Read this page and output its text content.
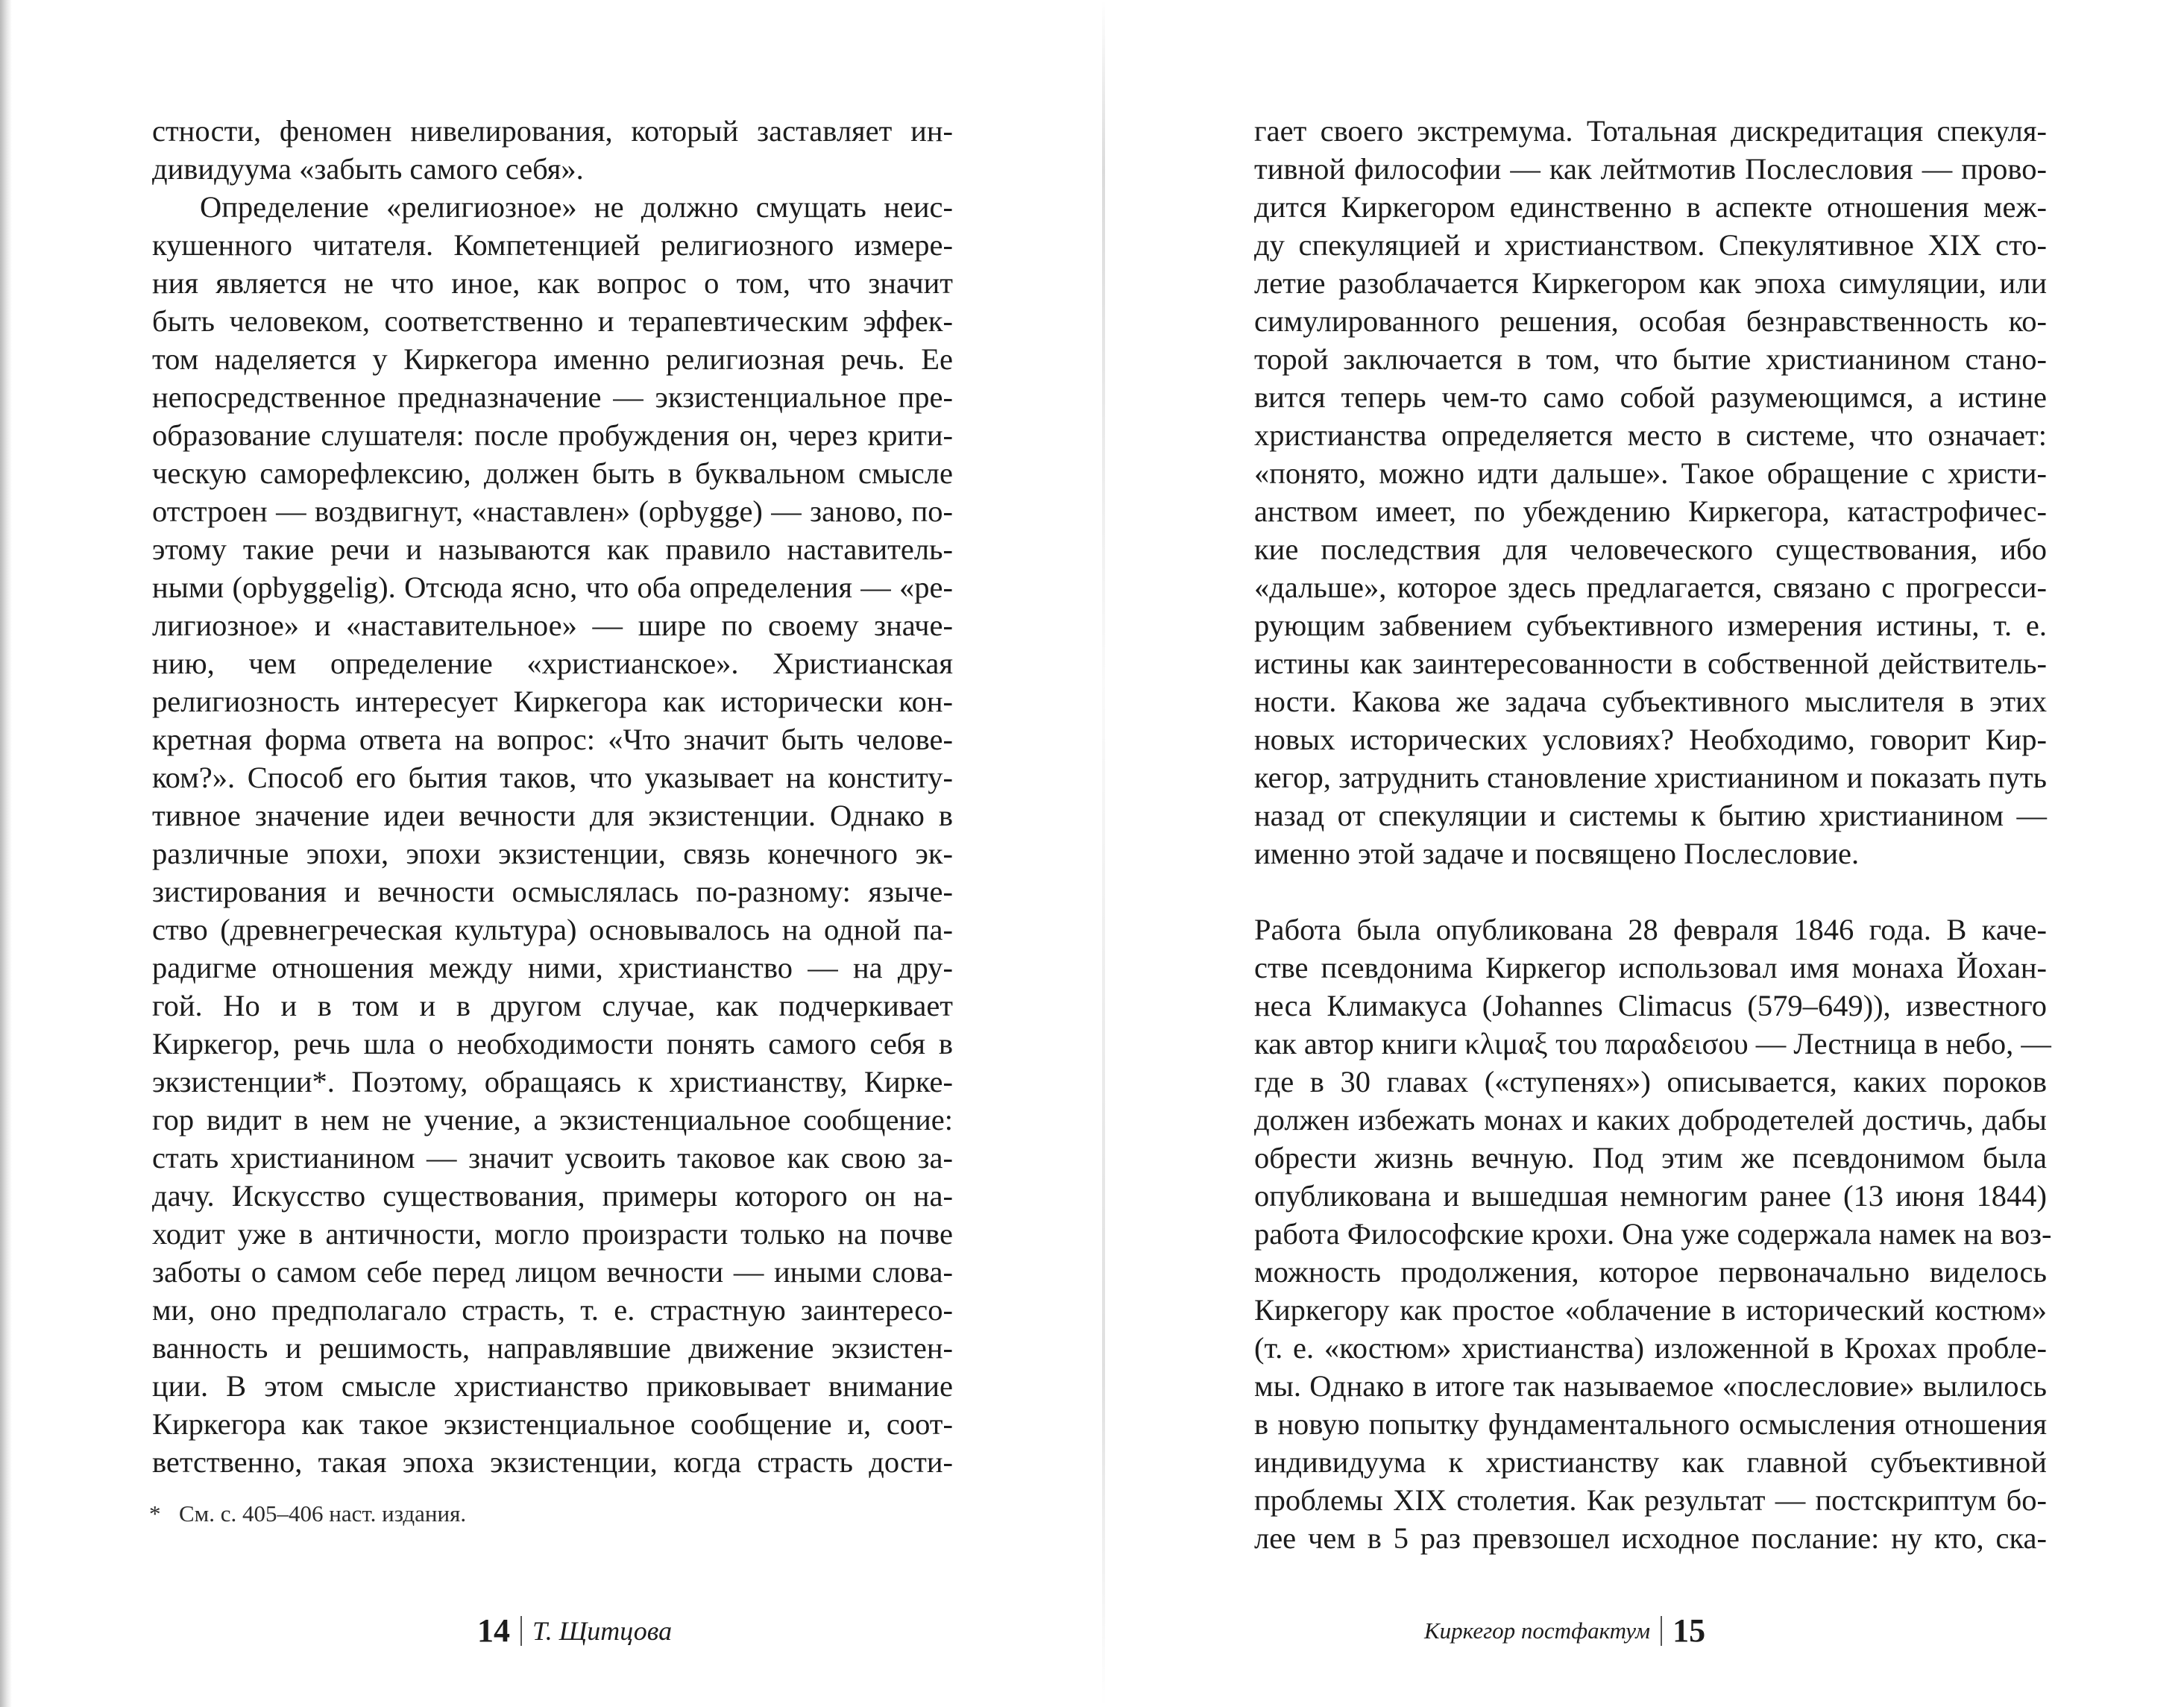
стности, феномен нивелирования, который заставляет ин-
дивидуума «забыть самого себя».
Определение «религиозное» не должно смущать неис-
кушенного читателя. Компетенцией религиозного измере-
ния является не что иное, как вопрос о том, что значит
быть человеком, соответственно и терапевтическим эффек-
том наделяется у Киркегора именно религиозная речь. Ее
непосредственное предназначение — экзистенциальное пре-
образование слушателя: после пробуждения он, через крити-
ческую саморефлексию, должен быть в буквальном смысле
отстроен — воздвигнут, «наставлен» (opbygge) — заново, по-
этому такие речи и называются как правило наставитель-
ными (opbyggelig). Отсюда ясно, что оба определения — «ре-
лигиозное» и «наставительное» — шире по своему значе-
нию, чем определение «христианское». Христианская
религиозность интересует Киркегора как исторически кон-
кретная форма ответа на вопрос: «Что значит быть челове-
ком?». Способ его бытия таков, что указывает на конститу-
тивное значение идеи вечности для экзистенции. Однако в
различные эпохи, эпохи экзистенции, связь конечного эк-
зистирования и вечности осмыслялась по-разному: языче-
ство (древнегреческая культура) основывалось на одной па-
радигме отношения между ними, христианство — на дру-
гой. Но и в том и в другом случае, как подчеркивает
Киркегор, речь шла о необходимости понять самого себя в
экзистенции*. Поэтому, обращаясь к христианству, Кирке-
гор видит в нем не учение, а экзистенциальное сообщение:
стать христианином — значит усвоить таковое как свою за-
дачу. Искусство существования, примеры которого он на-
ходит уже в античности, могло произрасти только на почве
заботы о самом себе перед лицом вечности — иными слова-
ми, оно предполагало страсть, т. е. страстную заинтересо-
ванность и решимость, направлявшие движение экзистен-
ции. В этом смысле христианство приковывает внимание
Киркегора как такое экзистенциальное сообщение и, соот-
ветственно, такая эпоха экзистенции, когда страсть дости-
* См. с. 405–406 наст. издания.
14 Т. Щитцова
гает своего экстремума. Тотальная дискредитация спекуля-
тивной философии — как лейтмотив Послесловия — прово-
дится Киркегором единственно в аспекте отношения меж-
ду спекуляцией и христианством. Спекулятивное XIX сто-
летие разоблачается Киркегором как эпоха симуляции, или
симулированного решения, особая безнравственность ко-
торой заключается в том, что бытие христианином стано-
вится теперь чем-то само собой разумеющимся, а истине
христианства определяется место в системе, что означает:
«понято, можно идти дальше». Такое обращение с христи-
анством имеет, по убеждению Киркегора, катастрофичес-
кие последствия для человеческого существования, ибо
«дальше», которое здесь предлагается, связано с прогресси-
рующим забвением субъективного измерения истины, т. е.
истины как заинтересованности в собственной действитель-
ности. Какова же задача субъективного мыслителя в этих
новых исторических условиях? Необходимо, говорит Кир-
кегор, затруднить становление христианином и показать путь
назад от спекуляции и системы к бытию христианином —
именно этой задаче и посвящено Послесловие.
Работа была опубликована 28 февраля 1846 года. В каче-
стве псевдонима Киркегор использовал имя монаха Йохан-
неса Климакуса (Johannes Climacus (579–649)), известного
как автор книги κλιμαξ του παραδεισου — Лестница в небо, —
где в 30 главах («ступенях») описывается, каких пороков
должен избежать монах и каких добродетелей достичь, дабы
обрести жизнь вечную. Под этим же псевдонимом была
опубликована и вышедшая немногим ранее (13 июня 1844)
работа Философские крохи. Она уже содержала намек на воз-
можность продолжения, которое первоначально виделось
Киркегору как простое «облачение в исторический костюм»
(т. е. «костюм» христианства) изложенной в Крохах пробле-
мы. Однако в итоге так называемое «послесловие» вылилось
в новую попытку фундаментального осмысления отношения
индивидуума к христианству как главной субъективной
проблемы XIX столетия. Как результат — постскриптум бо-
лее чем в 5 раз превзошел исходное послание: ну кто, ска-
Киркегор постфактум 15
